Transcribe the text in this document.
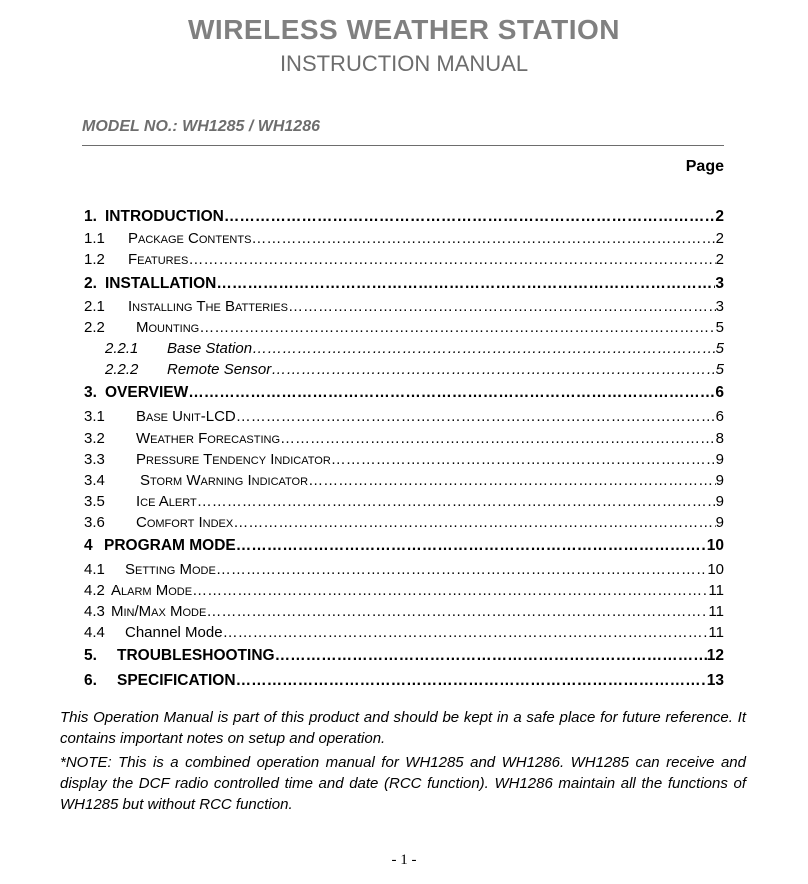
WIRELESS WEATHER STATION
INSTRUCTION MANUAL
MODEL NO.: WH1285 / WH1286
Page
1. INTRODUCTION ……………………………………………………………………………………………………………………………………………………………	2
1.1	Package Contents ……………………………………………………………………………………………………………………………………………………………	2
1.2	Features ……………………………………………………………………………………………………………………………………………………………	2
2. INSTALLATION ……………………………………………………………………………………………………………………………………………………………	3
2.1	Installing The Batteries ……………………………………………………………………………………………………………………………………………………………	3
2.2	Mounting ……………………………………………………………………………………………………………………………………………………………	5
2.2.1	Base Station ……………………………………………………………………………………………………………………………………………………………	5
2.2.2	Remote Sensor ……………………………………………………………………………………………………………………………………………………………	5
3. OVERVIEW ……………………………………………………………………………………………………………………………………………………………	6
3.1	Base Unit-LCD ……………………………………………………………………………………………………………………………………………………………	6
3.2	Weather Forecasting ……………………………………………………………………………………………………………………………………………………………	8
3.3	Pressure Tendency Indicator ……………………………………………………………………………………………………………………………………………………………	9
3.4	Storm Warning Indicator ……………………………………………………………………………………………………………………………………………………………	9
3.5	Ice Alert ……………………………………………………………………………………………………………………………………………………………	9
3.6	Comfort Index ……………………………………………………………………………………………………………………………………………………………	9
4 PROGRAM MODE ……………………………………………………………………………………………………………………………………………………………	10
4.1	Setting Mode ……………………………………………………………………………………………………………………………………………………………	10
4.2 Alarm Mode ……………………………………………………………………………………………………………………………………………………………	11
4.3 Min/Max Mode ……………………………………………………………………………………………………………………………………………………………	11
4.4	Channel Mode ……………………………………………………………………………………………………………………………………………………………	11
5.	TROUBLESHOOTING ……………………………………………………………………………………………………………………………………………………………	12
6.	SPECIFICATION ……………………………………………………………………………………………………………………………………………………………	13
This Operation Manual is part of this product and should be kept in a safe place for future reference. It contains important notes on setup and operation.
*NOTE: This is a combined operation manual for WH1285 and WH1286. WH1285 can receive and display the DCF radio controlled time and date (RCC function). WH1286 maintain all the functions of WH1285 but without RCC function.
- 1 -
